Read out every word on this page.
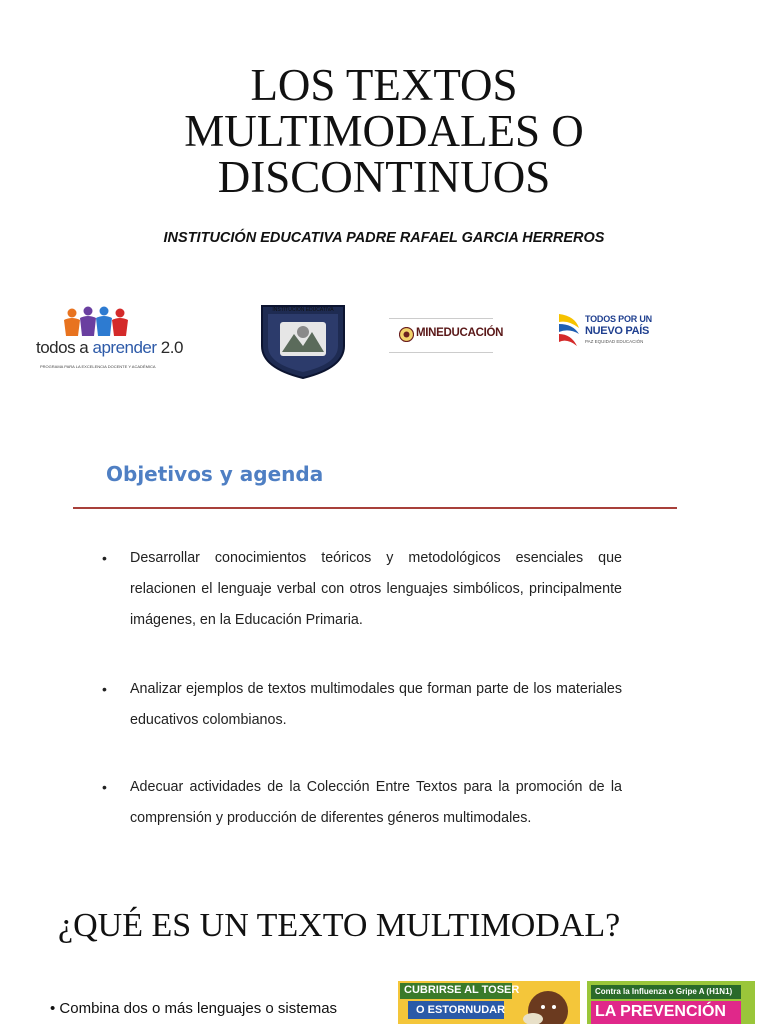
LOS TEXTOS
MULTIMODALES O
DISCONTINUOS
INSTITUCIÓN EDUCATIVA PADRE RAFAEL GARCIA HERREROS
todos a aprender 2.0
PROGRAMA PARA LA EXCELENCIA DOCENTE Y ACADÉMICA
INSTITUCIÓN EDUCATIVA
MINEDUCACIÓN
TODOS POR UN
NUEVO PAÍS
PAZ EQUIDAD EDUCACIÓN
Objetivos y agenda
• Desarrollar conocimientos teóricos y metodológicos esenciales que relacionen el lenguaje verbal con otros lenguajes simbólicos, principalmente imágenes, en la Educación Primaria.
• Analizar ejemplos de textos multimodales que forman parte de los materiales educativos colombianos.
• Adecuar actividades de la Colección Entre Textos para la promoción de la comprensión y producción de diferentes géneros multimodales.
¿QUÉ ES UN TEXTO MULTIMODAL?
• Combina dos o más lenguajes o sistemas
CUBRIRSE AL TOSER
O ESTORNUDAR
Contra la Influenza o Gripe A (H1N1)
LA PREVENCIÓN
